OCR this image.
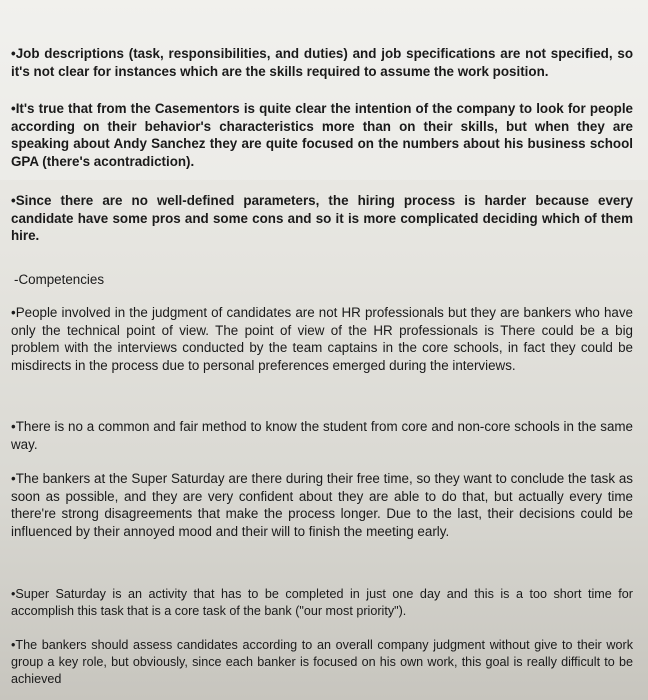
•Job descriptions (task, responsibilities, and duties) and job specifications are not specified, so it's not clear for instances which are the skills required to assume the work position.

•It's true that from the Casementors is quite clear the intention of the company to look for people according on their behavior's characteristics more than on their skills, but when they are speaking about Andy Sanchez they are quite focused on the numbers about his business school GPA (there's acontradiction).

•Since there are no well-defined parameters, the hiring process is harder because every candidate have some pros and some cons and so it is more complicated deciding which of them hire.

-Competencies

•People involved in the judgment of candidates are not HR professionals but they are bankers who have only the technical point of view. The point of view of the HR professionals is There could be a big problem with the interviews conducted by the team captains in the core schools, in fact they could be misdirects in the process due to personal preferences emerged during the interviews.

•There is no a common and fair method to know the student from core and non-core schools in the same way.

•The bankers at the Super Saturday are there during their free time, so they want to conclude the task as soon as possible, and they are very confident about they are able to do that, but actually every time there're strong disagreements that make the process longer. Due to the last, their decisions could be influenced by their annoyed mood and their will to finish the meeting early.

•Super Saturday is an activity that has to be completed in just one day and this is a too short time for accomplish this task that is a core task of the bank ("our most priority").

•The bankers should assess candidates according to an overall company judgment without give to their work group a key role, but obviously, since each banker is focused on his own work, this goal is really difficult to be achieved
